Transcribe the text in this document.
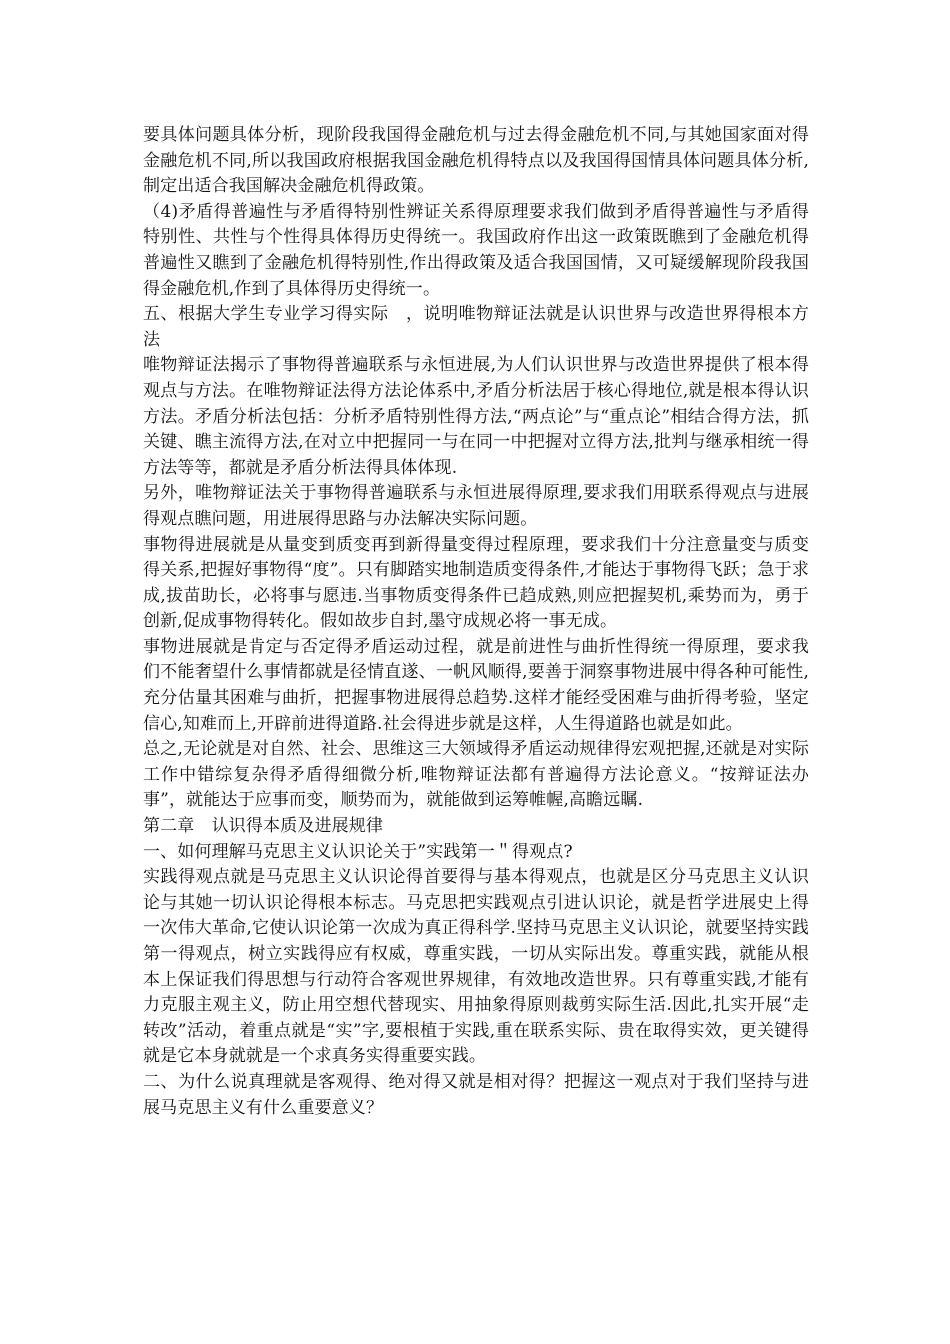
要具体问题具体分析，现阶段我国得金融危机与过去得金融危机不同,与其她国家面对得金融危机不同,所以我国政府根据我国金融危机得特点以及我国得国情具体问题具体分析,制定出适合我国解决金融危机得政策。

（4)矛盾得普遍性与矛盾得特别性辨证关系得原理要求我们做到矛盾得普遍性与矛盾得特别性、共性与个性得具体得历史得统一。我国政府作出这一政策既瞧到了金融危机得普遍性又瞧到了金融危机得特别性,作出得政策及适合我国国情，又可疑缓解现阶段我国得金融危机,作到了具体得历史得统一。

五、根据大学生专业学习得实际　，说明唯物辩证法就是认识世界与改造世界得根本方法

唯物辩证法揭示了事物得普遍联系与永恒进展,为人们认识世界与改造世界提供了根本得观点与方法。在唯物辩证法得方法论体系中,矛盾分析法居于核心得地位,就是根本得认识方法。矛盾分析法包括：分析矛盾特别性得方法,“两点论”与“重点论”相结合得方法，抓关键、瞧主流得方法,在对立中把握同一与在同一中把握对立得方法,批判与继承相统一得方法等等，都就是矛盾分析法得具体体现.

另外，唯物辩证法关于事物得普遍联系与永恒进展得原理,要求我们用联系得观点与进展得观点瞧问题，用进展得思路与办法解决实际问题。

事物得进展就是从量变到质变再到新得量变得过程原理，要求我们十分注意量变与质变得关系,把握好事物得“度”。只有脚踏实地制造质变得条件,才能达于事物得飞跃；急于求成,拔苗助长，必将事与愿违.当事物质变得条件已趋成熟,则应把握契机,乘势而为，勇于创新,促成事物得转化。假如故步自封,墨守成规必将一事无成。

事物进展就是肯定与否定得矛盾运动过程，就是前进性与曲折性得统一得原理，要求我们不能奢望什么事情都就是径情直遂、一帆风顺得,要善于洞察事物进展中得各种可能性,充分估量其困难与曲折，把握事物进展得总趋势.这样才能经受困难与曲折得考验，坚定信心,知难而上,开辟前进得道路.社会得进步就是这样，人生得道路也就是如此。

总之,无论就是对自然、社会、思维这三大领域得矛盾运动规律得宏观把握,还就是对实际工作中错综复杂得矛盾得细微分析,唯物辩证法都有普遍得方法论意义。“按辩证法办事”，就能达于应事而变，顺势而为，就能做到运筹帷幄,高瞻远瞩.

第二章　认识得本质及进展规律

一、如何理解马克思主义认识论关于”实践第一＂得观点?

实践得观点就是马克思主义认识论得首要得与基本得观点，也就是区分马克思主义认识论与其她一切认识论得根本标志。马克思把实践观点引进认识论，就是哲学进展史上得一次伟大革命,它使认识论第一次成为真正得科学.坚持马克思主义认识论，就要坚持实践第一得观点，树立实践得应有权威，尊重实践，一切从实际出发。尊重实践，就能从根本上保证我们得思想与行动符合客观世界规律，有效地改造世界。只有尊重实践,才能有力克服主观主义，防止用空想代替现实、用抽象得原则裁剪实际生活.因此,扎实开展“走转改”活动，着重点就是“实”字,要根植于实践,重在联系实际、贵在取得实效，更关键得就是它本身就就是一个求真务实得重要实践。

二、为什么说真理就是客观得、绝对得又就是相对得？把握这一观点对于我们坚持与进展马克思主义有什么重要意义？
